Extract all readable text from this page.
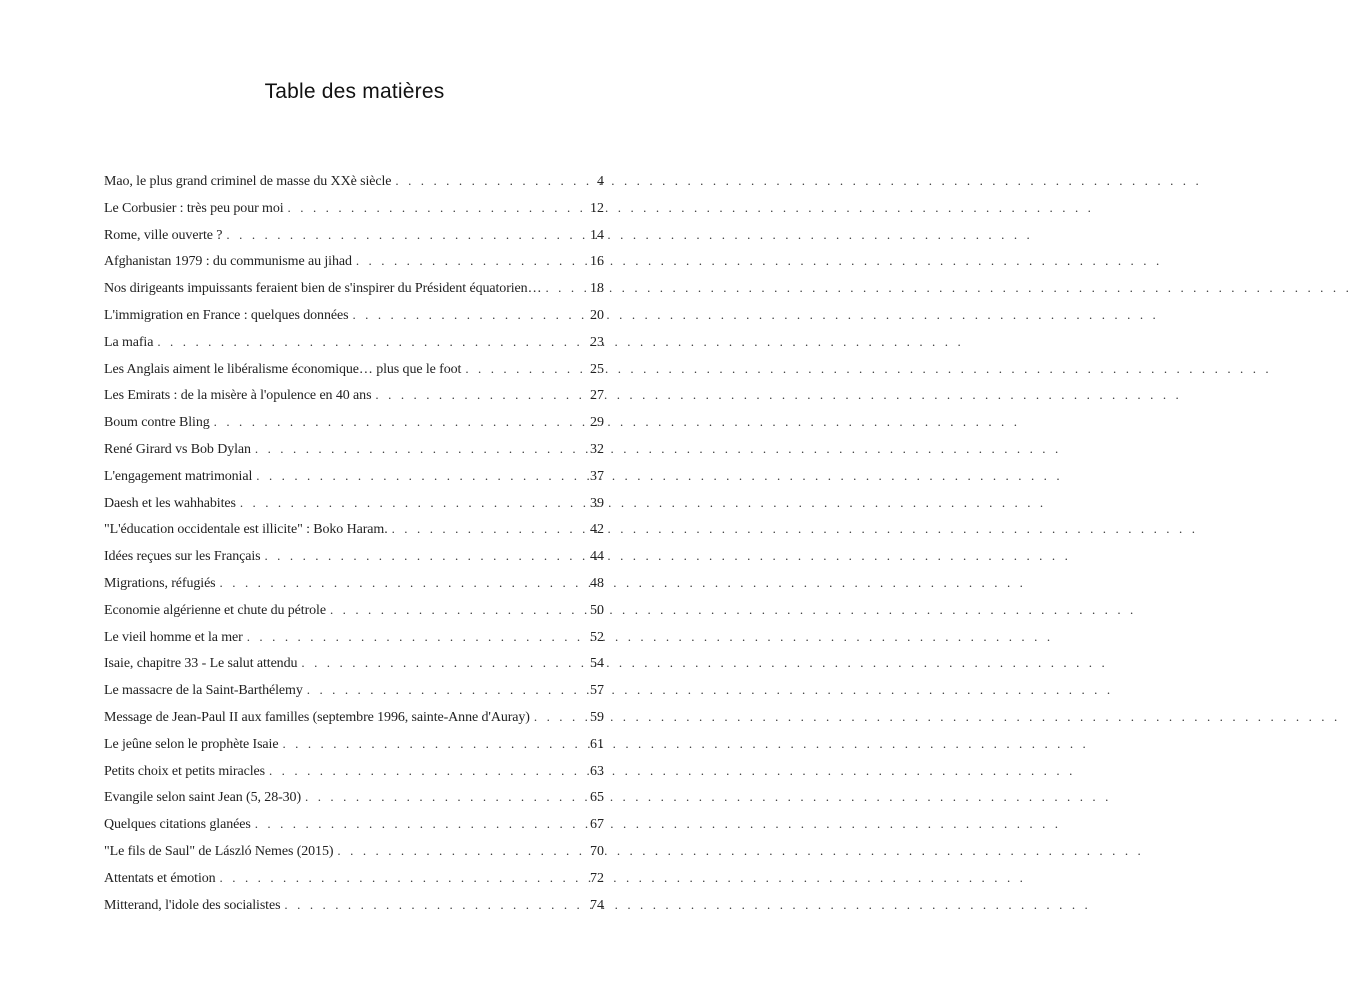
Table des matières
Mao, le plus grand criminel de masse du XXè siècle . . .	4
Le Corbusier : très peu pour moi . . .	12
Rome, ville ouverte ? . . .	14
Afghanistan 1979 : du communisme au jihad . . .	16
Nos dirigeants impuissants feraient bien de s'inspirer du Président équatorien… . . .	18
L'immigration en France : quelques données . . .	20
La mafia . . .	23
Les Anglais aiment le libéralisme économique… plus que le foot . . .	25
Les Emirats : de la misère à l'opulence en 40 ans . . .	27
Boum contre Bling . . .	29
René Girard vs Bob Dylan . . .	32
L'engagement matrimonial . . .	37
Daesh et les wahhabites . . .	39
"L'éducation occidentale est illicite" : Boko Haram. . . .	42
Idées reçues sur les Français . . .	44
Migrations, réfugiés . . .	48
Economie algérienne et chute du pétrole . . .	50
Le vieil homme et la mer . . .	52
Isaie, chapitre 33 - Le salut attendu . . .	54
Le massacre de la Saint-Barthélemy . . .	57
Message de Jean-Paul II aux familles (septembre 1996, sainte-Anne d'Auray) . . .	59
Le jeûne selon le prophète Isaie . . .	61
Petits choix et petits miracles . . .	63
Evangile selon saint Jean (5, 28-30) . . .	65
Quelques citations glanées . . .	67
"Le fils de Saul" de László Nemes (2015) . . .	70
Attentats et émotion . . .	72
Mitterand, l'idole des socialistes . . .	74
